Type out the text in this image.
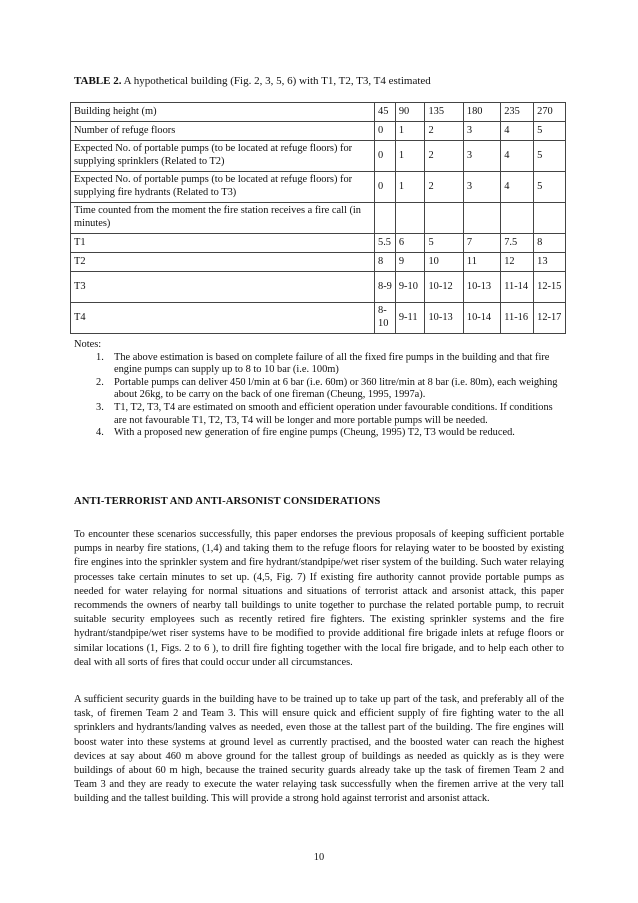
TABLE 2. A hypothetical building (Fig. 2, 3, 5, 6) with T1, T2, T3, T4 estimated
Building height (m)	45	90	135	180	235	270
Number of refuge floors	0	1	2	3	4	5
Expected No. of portable pumps (to be located at refuge floors) for supplying sprinklers (Related to T2)	0	1	2	3	4	5
Expected No. of portable pumps (to be located at refuge floors) for supplying fire hydrants (Related to T3)	0	1	2	3	4	5
Time counted from the moment the fire station receives a fire call (in minutes)						
T1	5.5	6	5	7	7.5	8
T2	8	9	10	11	12	13
T3	8-9	9-10	10-12	10-13	11-14	12-15
T4	8-10	9-11	10-13	10-14	11-16	12-17

Notes:

1. The above estimation is based on complete failure of all the fixed fire pumps in the building and that fire engine pumps can supply up to 8 to 10 bar (i.e. 100m)
2. Portable pumps can deliver 450 l/min at 6 bar (i.e. 60m) or 360 litre/min at 8 bar (i.e. 80m), each weighing about 26kg, to be carry on the back of one fireman (Cheung, 1995, 1997a).
3. T1, T2, T3, T4 are estimated on smooth and efficient operation under favourable conditions. If conditions are not favourable T1, T2, T3, T4 will be longer and more portable pumps will be needed.
4. With a proposed new generation of fire engine pumps (Cheung, 1995) T2, T3 would be reduced.
ANTI-TERRORIST AND ANTI-ARSONIST CONSIDERATIONS

To encounter these scenarios successfully, this paper endorses the previous proposals of keeping sufficient portable pumps in nearby fire stations, (1,4) and taking them to the refuge floors for relaying water to be boosted by existing fire engines into the sprinkler system and fire hydrant/standpipe/wet riser system of the building. Such water relaying processes take certain minutes to set up. (4,5, Fig. 7) If existing fire authority cannot provide portable pumps as needed for water relaying for normal situations and situations of terrorist attack and arsonist attack, this paper recommends the owners of nearby tall buildings to unite together to purchase the related portable pump, to recruit suitable security employees such as recently retired fire fighters. The existing sprinkler systems and the fire hydrant/standpipe/wet riser systems have to be modified to provide additional fire brigade inlets at refuge floors or similar locations (1, Figs. 2 to 6 ), to drill fire fighting together with the local fire brigade, and to help each other to deal with all sorts of fires that could occur under all circumstances.

A sufficient security guards in the building have to be trained up to take up part of the task, and preferably all of the task, of firemen Team 2 and Team 3. This will ensure quick and efficient supply of fire fighting water to the all sprinklers and hydrants/landing valves as needed, even those at the tallest part of the building. The fire engines will boost water into these systems at ground level as currently practised, and the boosted water can reach the highest devices at say about 460 m above ground for the tallest group of buildings as needed as quickly as is they were buildings of about 60 m high, because the trained security guards already take up the task of firemen Team 2 and Team 3 and they are ready to execute the water relaying task successfully when the firemen arrive at the very tall building and the tallest building. This will provide a strong hold against terrorist and arsonist attack.

10
